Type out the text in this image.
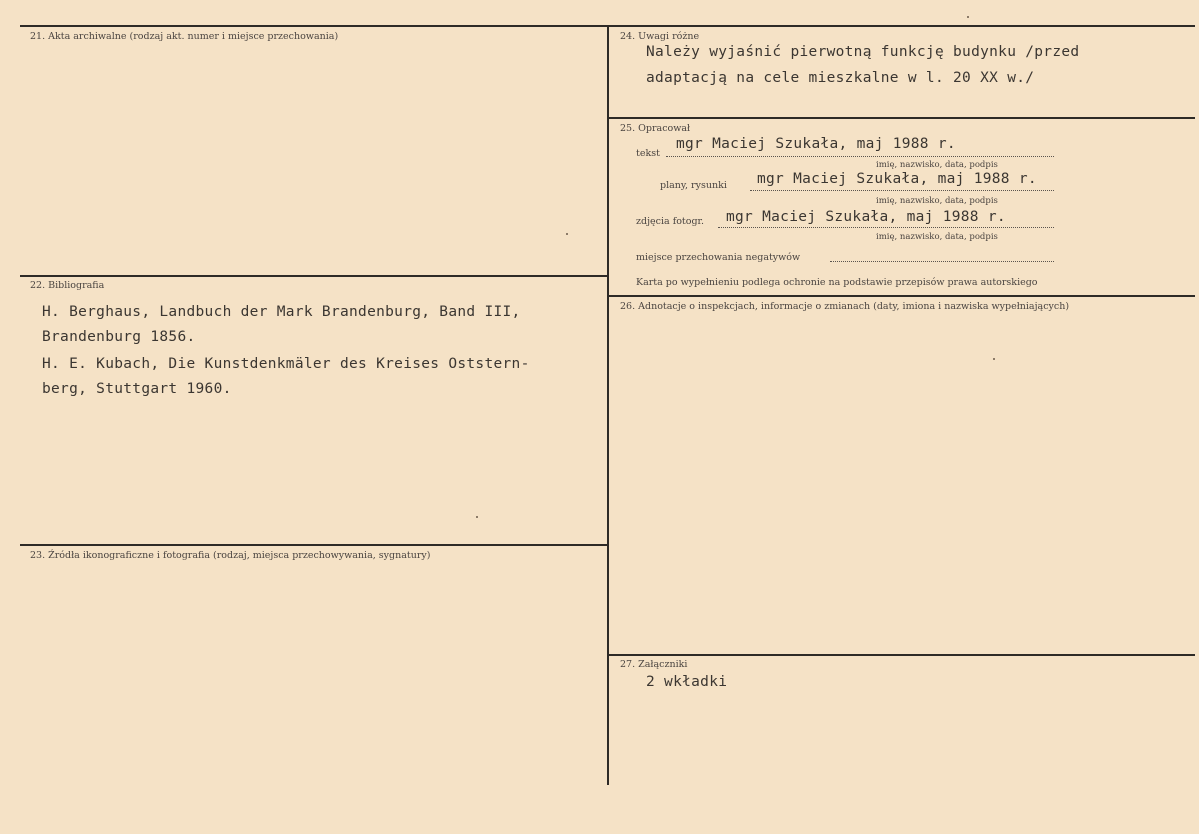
21. Akta archiwalne (rodzaj akt. numer i miejsce przechowania)
22. Bibliografia
H. Berghaus, Landbuch der Mark Brandenburg, Band III,
Brandenburg 1856.
H. E. Kubach, Die Kunstdenkmäler des Kreises Oststern-
berg, Stuttgart 1960.
23. Źródła ikonograficzne i fotografia (rodzaj, miejsca przechowywania, sygnatury)
24. Uwagi różne
Należy wyjaśnić pierwotną funkcję budynku /przed
adaptacją na cele mieszkalne w l. 20 XX w./
25. Opracował
tekst
mgr Maciej Szukała, maj 1988 r.
imię, nazwisko, data, podpis
plany, rysunki mgr Maciej Szukała, maj 1988 r.
imię, nazwisko, data, podpis
zdjęcia fotogr. mgr Maciej Szukała, maj 1988 r.
imię, nazwisko, data, podpis
miejsce przechowania negatywów
Karta po wypełnieniu podlega ochronie na podstawie przepisów prawa autorskiego
26. Adnotacje o inspekcjach, informacje o zmianach (daty, imiona i nazwiska wypełniających)
27. Załączniki
2 wkładki
